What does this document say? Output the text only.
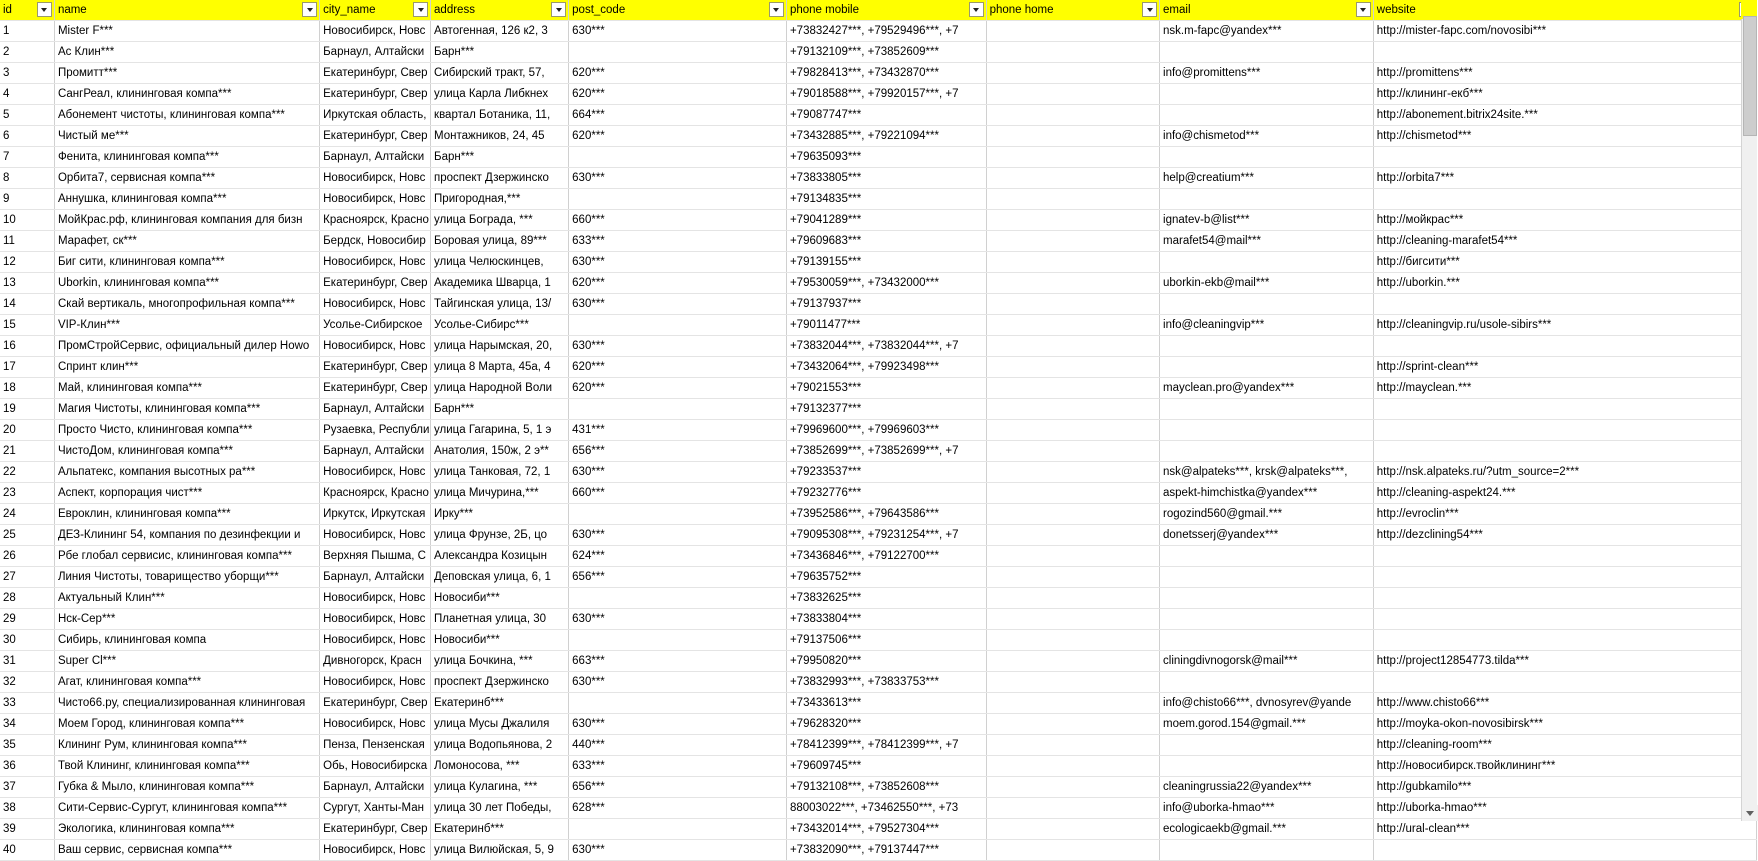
id	name	city_name	address	post_code	phone mobile	phone home	email	website

1	Mister F***	Новосибирск, Новс	Автогенная, 126 к2, 3	630***	+73832427***, +79529496***, +7		nsk.m-fapc@yandex***	http://mister-fapc.com/novosibi***
2	Ас Клин***	Барнаул, Алтайски	Барн***		+79132109***, +73852609***			
3	Промитт***	Екатеринбург, Свер	Сибирский тракт, 57,	620***	+79828413***, +73432870***		info@promittens***	http://promittens***
4	СангРеал, клининговая компа***	Екатеринбург, Свер	улица Карла Либкнех	620***	+79018588***, +79920157***, +7			http://клининг-екб***
5	Абонемент чистоты, клининговая компа***	Иркутская область,	квартал Ботаника, 11,	664***	+79087747***			http://abonement.bitrix24site.***
6	Чистый ме***	Екатеринбург, Свер	Монтажников, 24, 45	620***	+73432885***, +79221094***		info@chismetod***	http://chismetod***
7	Фенита, клининговая компа***	Барнаул, Алтайски	Барн***		+79635093***			
8	Орбита7, сервисная компа***	Новосибирск, Новс	проспект Дзержинско	630***	+73833805***		help@creatium***	http://orbita7***
9	Аннушка, клининговая компа***	Новосибирск, Новс	Пригородная,***		+79134835***			
10	МойКрас.рф, клининговая компания для бизн	Красноярск, Красно	улица Бограда, ***	660***	+79041289***		ignatev-b@list***	http://мойкрас***
11	Марафет, ск***	Бердск, Новосибир	Боровая улица, 89***	633***	+79609683***		marafet54@mail***	http://cleaning-marafet54***
12	Биг сити, клининговая компа***	Новосибирск, Новс	улица Челюскинцев,	630***	+79139155***			http://бигсити***
13	Uborkin, клининговая компа***	Екатеринбург, Свер	Академика Шварца, 1	620***	+79530059***, +73432000***		uborkin-ekb@mail***	http://uborkin.***
14	Скай вертикаль, многопрофильная компа***	Новосибирск, Новс	Тайгинская улица, 13/	630***	+79137937***			
15	VIP-Клин***	Усолье-Сибирское	Усолье-Сибирс***		+79011477***		info@cleaningvip***	http://cleaningvip.ru/usole-sibirs***
16	ПромСтройСервис, официальный дилер Howo	Новосибирск, Новс	улица Нарымская, 20,	630***	+73832044***, +73832044***, +7			
17	Спринт клин***	Екатеринбург, Свер	улица 8 Марта, 45а, 4	620***	+73432064***, +79923498***			http://sprint-clean***
18	Май, клининговая компа***	Екатеринбург, Свер	улица Народной Воли	620***	+79021553***		mayclean.pro@yandex***	http://mayclean.***
19	Магия Чистоты, клининговая компа***	Барнаул, Алтайски	Барн***		+79132377***			
20	Просто Чисто, клининговая компа***	Рузаевка, Республи	улица Гагарина, 5, 1 э	431***	+79969600***, +79969603***			
21	ЧистоДом, клининговая компа***	Барнаул, Алтайски	Анатолия, 150ж, 2 э**	656***	+73852699***, +73852699***, +7			
22	Альпатекс, компания высотных ра***	Новосибирск, Новс	улица Танковая, 72, 1	630***	+79233537***		nsk@alpateks***, krsk@alpateks***,	http://nsk.alpateks.ru/?utm_source=2***
23	Аспект, корпорация чист***	Красноярск, Красно	улица Мичурина,***	660***	+79232776***		aspekt-himchistka@yandex***	http://cleaning-aspekt24.***
24	Евроклин, клининговая компа***	Иркутск, Иркутская	Ирку***		+73952586***, +79643586***		rogozind560@gmail.***	http://evroclin***
25	ДЕЗ-Клининг 54, компания по дезинфекции и	Новосибирск, Новс	улица Фрунзе, 2Б, цо	630***	+79095308***, +79231254***, +7		donetsserj@yandex***	http://dezclining54***
26	Рбе глобал сервисис, клининговая компа***	Верхняя Пышма, С	Александра Козицын	624***	+73436846***, +79122700***			
27	Линия Чистоты, товарищество уборщи***	Барнаул, Алтайски	Деповская улица, 6, 1	656***	+79635752***			
28	Актуальный Клин***	Новосибирск, Новс	Новосиби***		+73832625***			
29	Нск-Сер***	Новосибирск, Новс	Планетная улица, 30	630***	+73833804***			
30	Сибирь, клининговая компа	Новосибирск, Новс	Новосиби***		+79137506***			
31	Super Cl***	Дивногорск, Красн	улица Бочкина, ***	663***	+79950820***		cliningdivnogorsk@mail***	http://project12854773.tilda***
32	Агат, клининговая компа***	Новосибирск, Новс	проспект Дзержинско	630***	+73832993***, +73833753***			
33	Чисто66.ру, специализированная клининговая	Екатеринбург, Свер	Екатеринб***		+73433613***		info@chisto66***, dvnosyrev@yande	http://www.chisto66***
34	Моем Город, клининговая компа***	Новосибирск, Новс	улица Мусы Джалиля	630***	+79628320***		moem.gorod.154@gmail.***	http://moyka-okon-novosibirsk***
35	Клининг Рум, клининговая компа***	Пенза, Пензенская	улица Водопьянова, 2	440***	+78412399***, +78412399***, +7			http://cleaning-room***
36	Твой Клининг, клининговая компа***	Обь, Новосибирска	Ломоносова, ***	633***	+79609745***			http://новосибирск.твойклининг***
37	Губка & Мыло, клининговая компа***	Барнаул, Алтайски	улица Кулагина, ***	656***	+79132108***, +73852608***		cleaningrussia22@yandex***	http://gubkamilo***
38	Сити-Сервис-Сургут, клининговая компа***	Сургут, Ханты-Ман	улица 30 лет Победы,	628***	88003022***, +73462550***, +73		info@uborka-hmao***	http://uborka-hmao***
39	Экологика, клининговая компа***	Екатеринбург, Свер	Екатеринб***		+73432014***, +79527304***		ecologicaekb@gmail.***	http://ural-clean***
40	Ваш сервис, сервисная компа***	Новосибирск, Новс	улица Вилюйская, 5, 9	630***	+73832090***, +79137447***			
